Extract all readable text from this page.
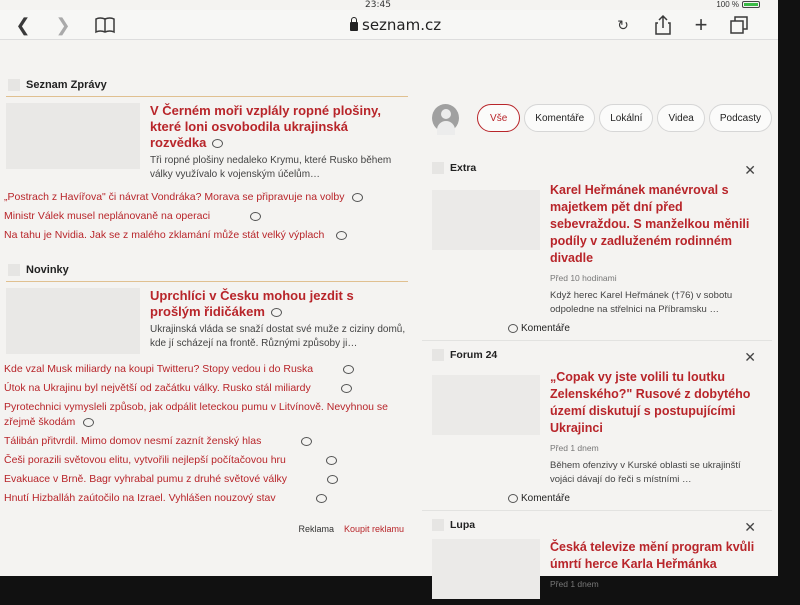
23:45	100 %
❮ ❯	seznam.cz	↻	+
Seznam Zprávy
V Černém moři vzplály ropné plošiny, které loni osvobodila ukrajinská rozvědka

Tři ropné plošiny nedaleko Krymu, které Rusko během války využívalo k vojenským účelům…

„Postrach z Havířova" či návrat Vondráka? Morava se připravuje na volby
Ministr Válek musel neplánovaně na operaci
Na tahu je Nvidia. Jak se z malého zklamání může stát velký výplach
Novinky
Uprchlíci v Česku mohou jezdit s prošlým řidičákem

Ukrajinská vláda se snaží dostat své muže z ciziny domů, kde jí scházejí na frontě. Různými způsoby ji…

Kde vzal Musk miliardy na koupi Twitteru? Stopy vedou i do Ruska
Útok na Ukrajinu byl největší od začátku války. Rusko stál miliardy
Pyrotechnici vymysleli způsob, jak odpálit leteckou pumu v Litvínově. Nevyhnou se zřejmě škodám
Tálibán přitvrdil. Mimo domov nesmí zaznít ženský hlas
Češi porazili světovou elitu, vytvořili nejlepší počítačovou hru
Evakuace v Brně. Bagr vyhrabal pumu z druhé světové války
Hnutí Hizballáh zaútočilo na Izrael. Vyhlášen nouzový stav
Reklama Koupit reklamu
Vše	Komentáře	Lokální	Videa	Podcasty
Extra	✕
Karel Heřmánek manévroval s majetkem pět dní před sebevraždou. S manželkou měnili podíly v zadluženém rodinném divadle
Před 10 hodinami
Když herec Karel Heřmánek (†76) v sobotu odpoledne na střelnici na Příbramsku …
Komentáře
Forum 24	✕
„Copak vy jste volili tu loutku Zelenského?" Rusové z dobytého území diskutují s postupujícími Ukrajinci
Před 1 dnem
Během ofenzivy v Kurské oblasti se ukrajinští vojáci dávají do řeči s místními …
Komentáře
Lupa	✕
Česká televize mění program kvůli úmrtí herce Karla Heřmánka
Před 1 dnem
